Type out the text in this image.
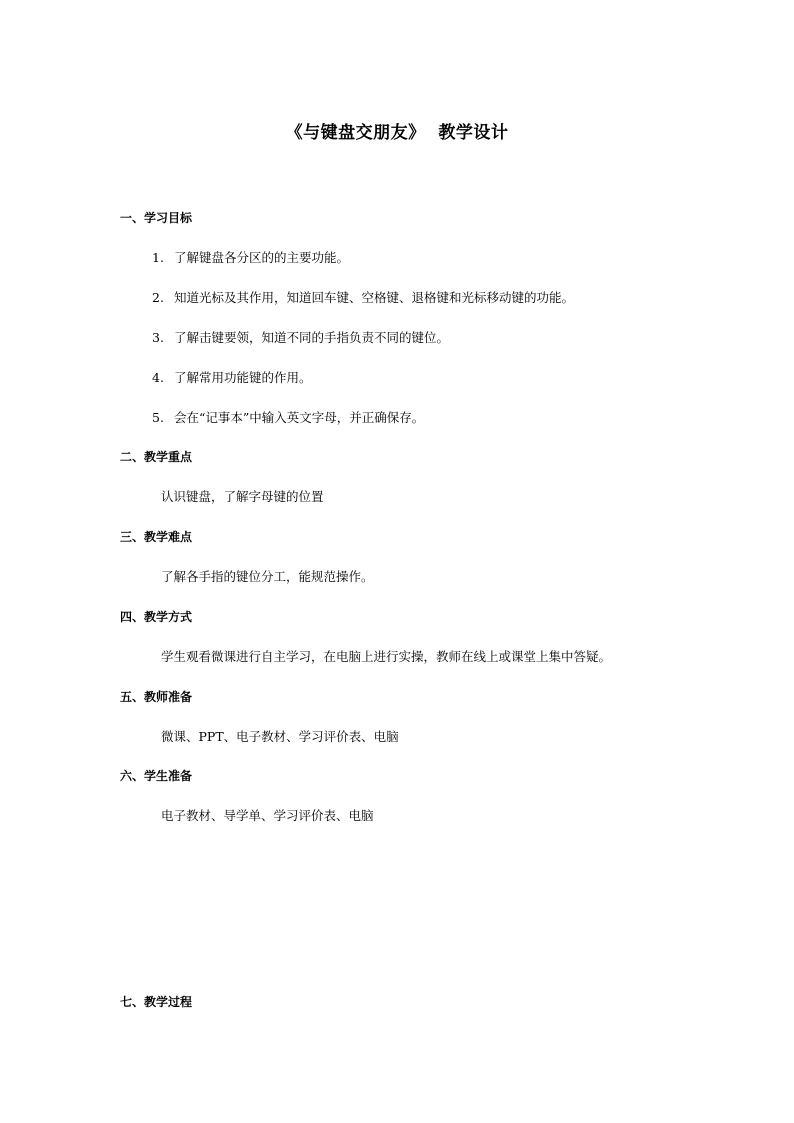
《与键盘交朋友》  教学设计
一、学习目标
1. 了解键盘各分区的的主要功能。
2. 知道光标及其作用，知道回车键、空格键、退格键和光标移动键的功能。
3. 了解击键要领，知道不同的手指负责不同的键位。
4. 了解常用功能键的作用。
5. 会在“记事本”中输入英文字母，并正确保存。
二、教学重点
认识键盘，了解字母键的位置
三、教学难点
了解各手指的键位分工，能规范操作。
四、教学方式
学生观看微课进行自主学习，在电脑上进行实操，教师在线上或课堂上集中答疑。
五、教师准备
微课、PPT、电子教材、学习评价表、电脑
六、学生准备
电子教材、导学单、学习评价表、电脑
七、教学过程
